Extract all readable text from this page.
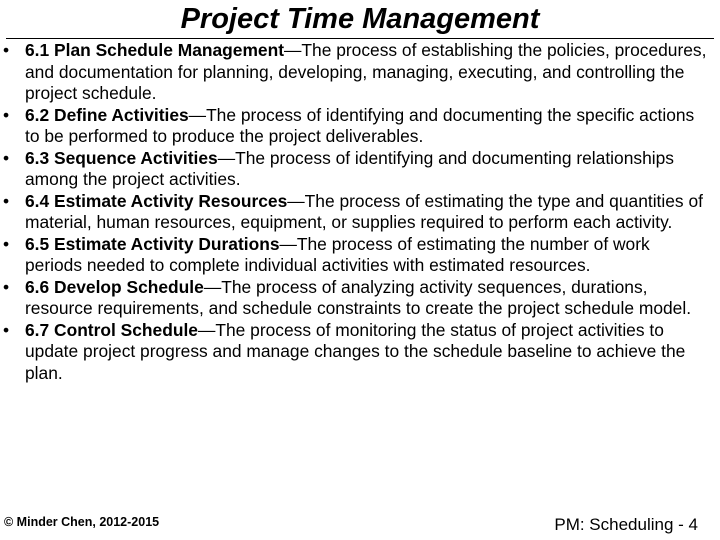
Project Time Management
• 6.1 Plan Schedule Management—The process of establishing the policies, procedures, and documentation for planning, developing, managing, executing, and controlling the project schedule.
• 6.2 Define Activities—The process of identifying and documenting the specific actions to be performed to produce the project deliverables.
• 6.3 Sequence Activities—The process of identifying and documenting relationships among the project activities.
• 6.4 Estimate Activity Resources—The process of estimating the type and quantities of material, human resources, equipment, or supplies required to perform each activity.
• 6.5 Estimate Activity Durations—The process of estimating the number of work periods needed to complete individual activities with estimated resources.
• 6.6 Develop Schedule—The process of analyzing activity sequences, durations, resource requirements, and schedule constraints to create the project schedule model.
• 6.7 Control Schedule—The process of monitoring the status of project activities to update project progress and manage changes to the schedule baseline to achieve the plan.
© Minder Chen, 2012-2015	PM: Scheduling - 4
